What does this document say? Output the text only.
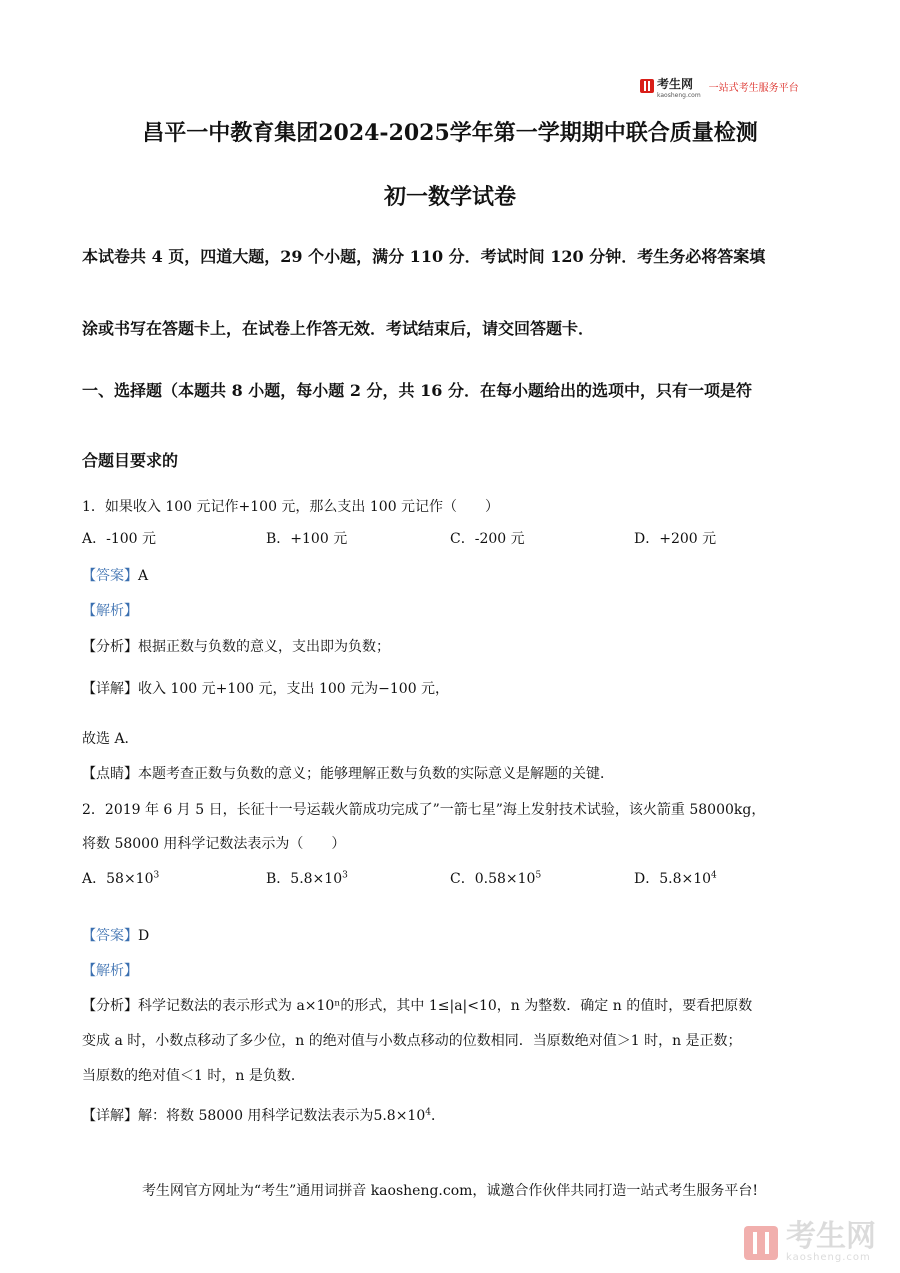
考生网
kaosheng.com
一站式考生服务平台
昌平一中教育集团2024-2025学年第一学期期中联合质量检测
初一数学试卷
本试卷共 4 页，四道大题，29 个小题，满分 110 分．考试时间 120 分钟．考生务必将答案填
涂或书写在答题卡上，在试卷上作答无效．考试结束后，请交回答题卡．
一、选择题（本题共 8 小题，每小题 2 分，共 16 分．在每小题给出的选项中，只有一项是符
合题目要求的
1．如果收入 100 元记作+100 元，那么支出 100 元记作（　　）
A．-100 元	B．+100 元	C．-200 元	D．+200 元
【答案】A
【解析】
【分析】根据正数与负数的意义，支出即为负数；
【详解】收入 100 元+100 元，支出 100 元为−100 元，
故选 A．
【点睛】本题考查正数与负数的意义；能够理解正数与负数的实际意义是解题的关键．
2．2019 年 6 月 5 日，长征十一号运载火箭成功完成了”一箭七星”海上发射技术试验，该火箭重 58000kg，
将数 58000 用科学记数法表示为（　　）
A．$58\times 10^3$	B．$5.8\times 10^3$	C．$0.58\times 10^5$	D．$5.8\times 10^4$
【答案】D
【解析】
【分析】科学记数法的表示形式为 a×10ⁿ的形式，其中 1≤|a|<10，n 为整数．确定 n 的值时，要看把原数
变成 a 时，小数点移动了多少位，n 的绝对值与小数点移动的位数相同．当原数绝对值＞1 时，n 是正数；
当原数的绝对值＜1 时，n 是负数．
【详解】解：将数 58000 用科学记数法表示为$5.8\times 10^4$．
考生网官方网址为“考生”通用词拼音 kaosheng.com，诚邀合作伙伴共同打造一站式考生服务平台!
考生网
kaosheng.com
